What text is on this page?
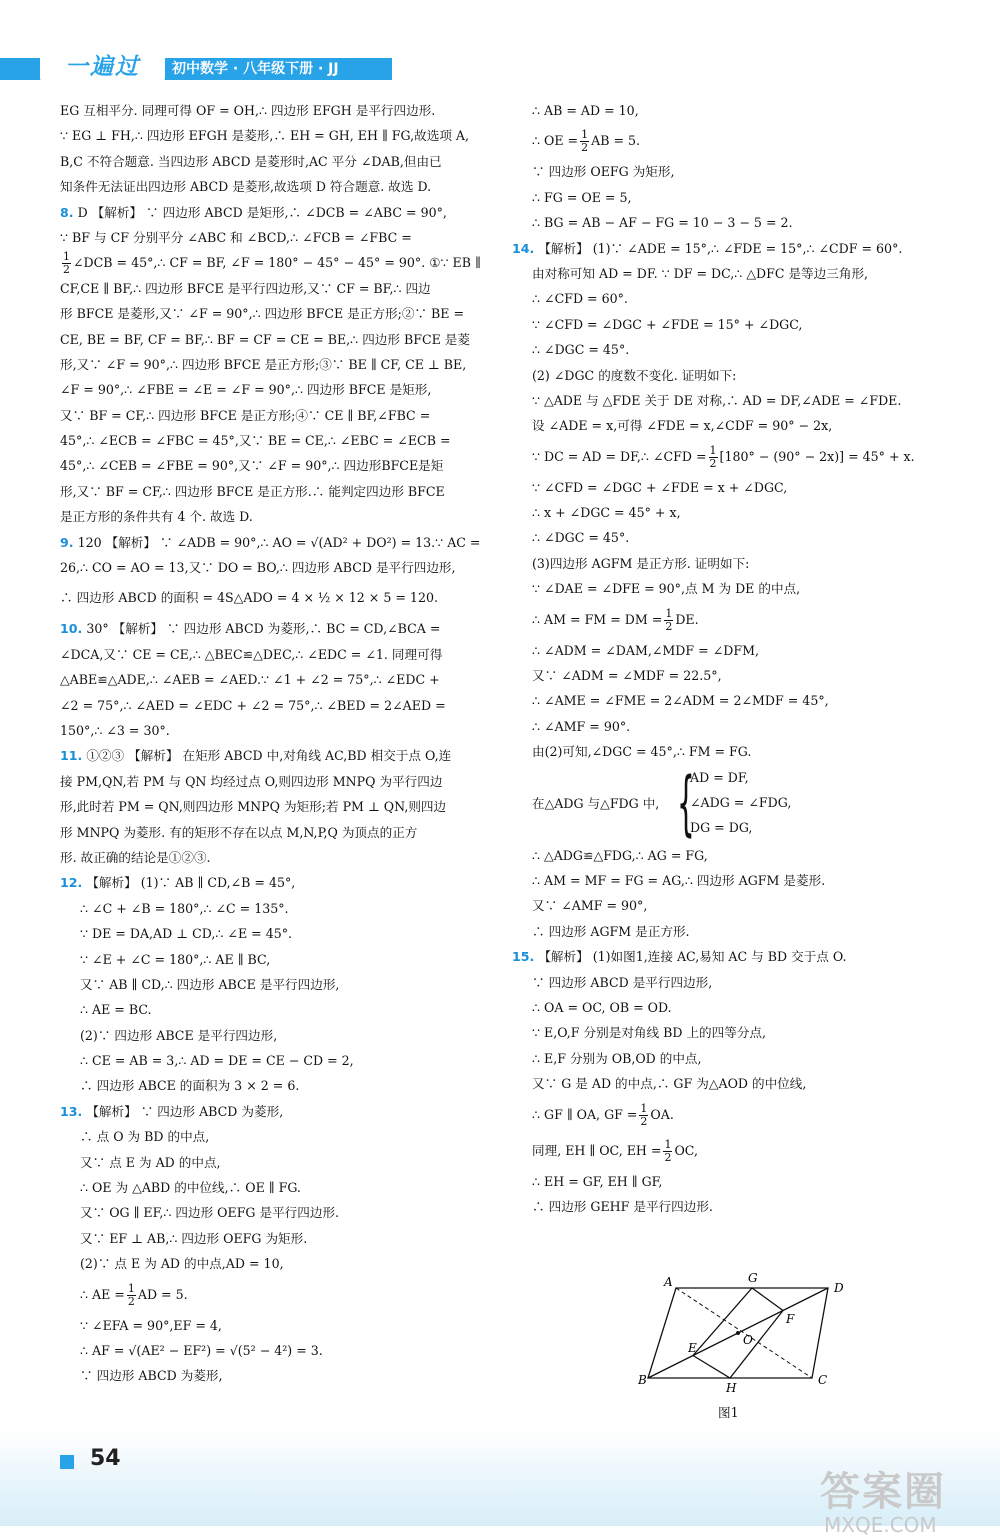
一遍过	初中数学 · 八年级下册 · JJ
EG 互相平分. 同理可得 OF = OH,∴ 四边形 EFGH 是平行四边形.
∵ EG ⊥ FH,∴ 四边形 EFGH 是菱形,∴ EH = GH, EH ∥ FG,故选项 A,
B,C 不符合题意. 当四边形 ABCD 是菱形时,AC 平分 ∠DAB,但由已
知条件无法证出四边形 ABCD 是菱形,故选项 D 符合题意. 故选 D.
8. D 【解析】 ∵ 四边形 ABCD 是矩形,∴ ∠DCB = ∠ABC = 90°,
∵ BF 与 CF 分别平分 ∠ABC 和 ∠BCD,∴ ∠FCB = ∠FBC =
$\frac{1}{2}$ ∠DCB = 45°,∴ CF = BF, ∠F = 180° − 45° − 45° = 90°. ①∵ EB ∥
CF,CE ∥ BF,∴ 四边形 BFCE 是平行四边形,又∵ CF = BF,∴ 四边
形 BFCE 是菱形,又∵ ∠F = 90°,∴ 四边形 BFCE 是正方形;②∵ BE =
CE, BE = BF, CF = BF,∴ BF = CF = CE = BE,∴ 四边形 BFCE 是菱
形,又∵ ∠F = 90°,∴ 四边形 BFCE 是正方形;③∵ BE ∥ CF, CE ⊥ BE,
∠F = 90°,∴ ∠FBE = ∠E = ∠F = 90°,∴ 四边形 BFCE 是矩形,
又∵ BF = CF,∴ 四边形 BFCE 是正方形;④∵ CE ∥ BF,∠FBC =
45°,∴ ∠ECB = ∠FBC = 45°,又∵ BE = CE,∴ ∠EBC = ∠ECB =
45°,∴ ∠CEB = ∠FBE = 90°,又∵ ∠F = 90°,∴ 四边形BFCE是矩
形,又∵ BF = CF,∴ 四边形 BFCE 是正方形.∴ 能判定四边形 BFCE
是正方形的条件共有 4 个. 故选 D.
9. 120 【解析】 ∵ ∠ADB = 90°,∴ AO = √(AD² + DO²) = 13.∵ AC =
26,∴ CO = AO = 13,又∵ DO = BO,∴ 四边形 ABCD 是平行四边形,
∴ 四边形 ABCD 的面积 = 4S△ADO = 4 × ½ × 12 × 5 = 120.
10. 30° 【解析】 ∵ 四边形 ABCD 为菱形,∴ BC = CD,∠BCA =
∠DCA,又∵ CE = CE,∴ △BEC≌△DEC,∴ ∠EDC = ∠1. 同理可得
△ABE≌△ADE,∴ ∠AEB = ∠AED.∵ ∠1 + ∠2 = 75°,∴ ∠EDC +
∠2 = 75°,∴ ∠AED = ∠EDC + ∠2 = 75°,∴ ∠BED = 2∠AED =
150°,∴ ∠3 = 30°.
11. ①②③ 【解析】 在矩形 ABCD 中,对角线 AC,BD 相交于点 O,连
接 PM,QN,若 PM 与 QN 均经过点 O,则四边形 MNPQ 为平行四边
形,此时若 PM = QN,则四边形 MNPQ 为矩形;若 PM ⊥ QN,则四边
形 MNPQ 为菱形. 有的矩形不存在以点 M,N,P,Q 为顶点的正方
形. 故正确的结论是①②③.
12. 【解析】 (1)∵ AB ∥ CD,∠B = 45°,
∴ ∠C + ∠B = 180°,∴ ∠C = 135°.
∵ DE = DA,AD ⊥ CD,∴ ∠E = 45°.
∵ ∠E + ∠C = 180°,∴ AE ∥ BC,
又∵ AB ∥ CD,∴ 四边形 ABCE 是平行四边形,
∴ AE = BC.
(2)∵ 四边形 ABCE 是平行四边形,
∴ CE = AB = 3,∴ AD = DE = CE − CD = 2,
∴ 四边形 ABCE 的面积为 3 × 2 = 6.
13. 【解析】 ∵ 四边形 ABCD 为菱形,
∴ 点 O 为 BD 的中点,
又∵ 点 E 为 AD 的中点,
∴ OE 为 △ABD 的中位线,∴ OE ∥ FG.
又∵ OG ∥ EF,∴ 四边形 OEFG 是平行四边形.
又∵ EF ⊥ AB,∴ 四边形 OEFG 为矩形.
(2)∵ 点 E 为 AD 的中点,AD = 10,
∴ AE = $\frac{1}{2}$ AD = 5.
∵ ∠EFA = 90°,EF = 4,
∴ AF = √(AE² − EF²) = √(5² − 4²) = 3.
∵ 四边形 ABCD 为菱形,
∴ AB = AD = 10,
∴ OE = $\frac{1}{2}$ AB = 5.
∵ 四边形 OEFG 为矩形,
∴ FG = OE = 5,
∴ BG = AB − AF − FG = 10 − 3 − 5 = 2.
14. 【解析】 (1)∵ ∠ADE = 15°,∴ ∠FDE = 15°,∴ ∠CDF = 60°.
由对称可知 AD = DF. ∵ DF = DC,∴ △DFC 是等边三角形,
∴ ∠CFD = 60°.
∵ ∠CFD = ∠DGC + ∠FDE = 15° + ∠DGC,
∴ ∠DGC = 45°.
(2) ∠DGC 的度数不变化. 证明如下:
∵ △ADE 与 △FDE 关于 DE 对称,∴ AD = DF,∠ADE = ∠FDE.
设 ∠ADE = x,可得 ∠FDE = x,∠CDF = 90° − 2x,
∵ DC = AD = DF,∴ ∠CFD = $\frac{1}{2} [180^\circ - (90^\circ - 2x)] = 45^\circ + x$.
∵ ∠CFD = ∠DGC + ∠FDE = x + ∠DGC,
∴ x + ∠DGC = 45° + x,
∴ ∠DGC = 45°.
(3)四边形 AGFM 是正方形. 证明如下:
∵ ∠DAE = ∠DFE = 90°,点 M 为 DE 的中点,
∴ AM = FM = DM = $\frac{1}{2}$ DE.
∴ ∠ADM = ∠DAM,∠MDF = ∠DFM,
又∵ ∠ADM = ∠MDF = 22.5°,
∴ ∠AME = ∠FME = 2∠ADM = 2∠MDF = 45°,
∴ ∠AMF = 90°.
由(2)可知,∠DGC = 45°,∴ FM = FG.
在△ADG 与△FDG 中, {
AD = DF,
∠ADG = ∠FDG,
DG = DG,
∴ △ADG≌△FDG,∴ AG = FG,
∴ AM = MF = FG = AG,∴ 四边形 AGFM 是菱形.
又∵ ∠AMF = 90°,
∴ 四边形 AGFM 是正方形.
15. 【解析】 (1)如图1,连接 AC,易知 AC 与 BD 交于点 O.
∵ 四边形 ABCD 是平行四边形,
∴ OA = OC, OB = OD.
∵ E,O,F 分别是对角线 BD 上的四等分点,
∴ E,F 分别为 OB,OD 的中点,
又∵ G 是 AD 的中点,∴ GF 为△AOD 的中位线,
∴ GF ∥ OA, GF = $\frac{1}{2}$ OA.
同理, EH ∥ OC, EH = $\frac{1}{2}$ OC,
∴ EH = GF, EH ∥ GF,
∴ 四边形 GEHF 是平行四边形.
A	G
D
F
O
E
B
H
C
图1
54
答案圈
MXQE.COM
